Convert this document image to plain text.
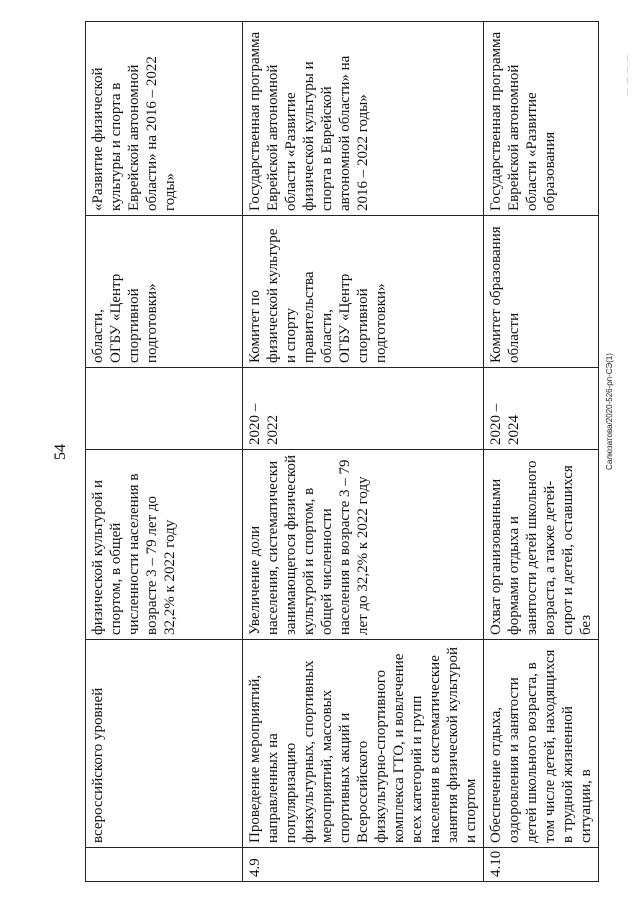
54
	всероссийского уровней	физической культурой и спортом, в общей численности населения в возрасте 3 – 79 лет до 32,2% к 2022 году		области,
ОГБУ «Центр спортивной подготовки»	«Развитие физической культуры и спорта в Еврейской автономной области» на 2016 – 2022 годы»
4.9	Проведение мероприятий, направленных на популяризацию физкультурных, спортивных мероприятий, массовых спортивных акций и Всероссийского физкультурно-спортивного комплекса ГТО, и вовлечение всех категорий и групп населения в систематические занятия физической культурой и спортом	Увеличение доли населения, систематически занимающегося физической культурой и спортом, в общей численности населения в возрасте 3 – 79 лет до 32,2% к 2022 году	2020 – 2022	Комитет по физической культуре и спорту правительства области,
ОГБУ «Центр спортивной подготовки»	Государственная программа Еврейской автономной области «Развитие физической культуры и спорта в Еврейской автономной области» на 2016 – 2022 годы»
4.10	Обеспечение отдыха, оздоровления и занятости детей школьного возраста, в том числе детей, находящихся в трудной жизненной ситуации, в	Охват организованными формами отдыха и занятости детей школьного возраста, а также детей-сирот и детей, оставшихся без	2020 – 2024	Комитет образования области	Государственная программа Еврейской автономной области «Развитие образования
Салюзатова/2020-526-рп-СЭ(1)
— — — —
